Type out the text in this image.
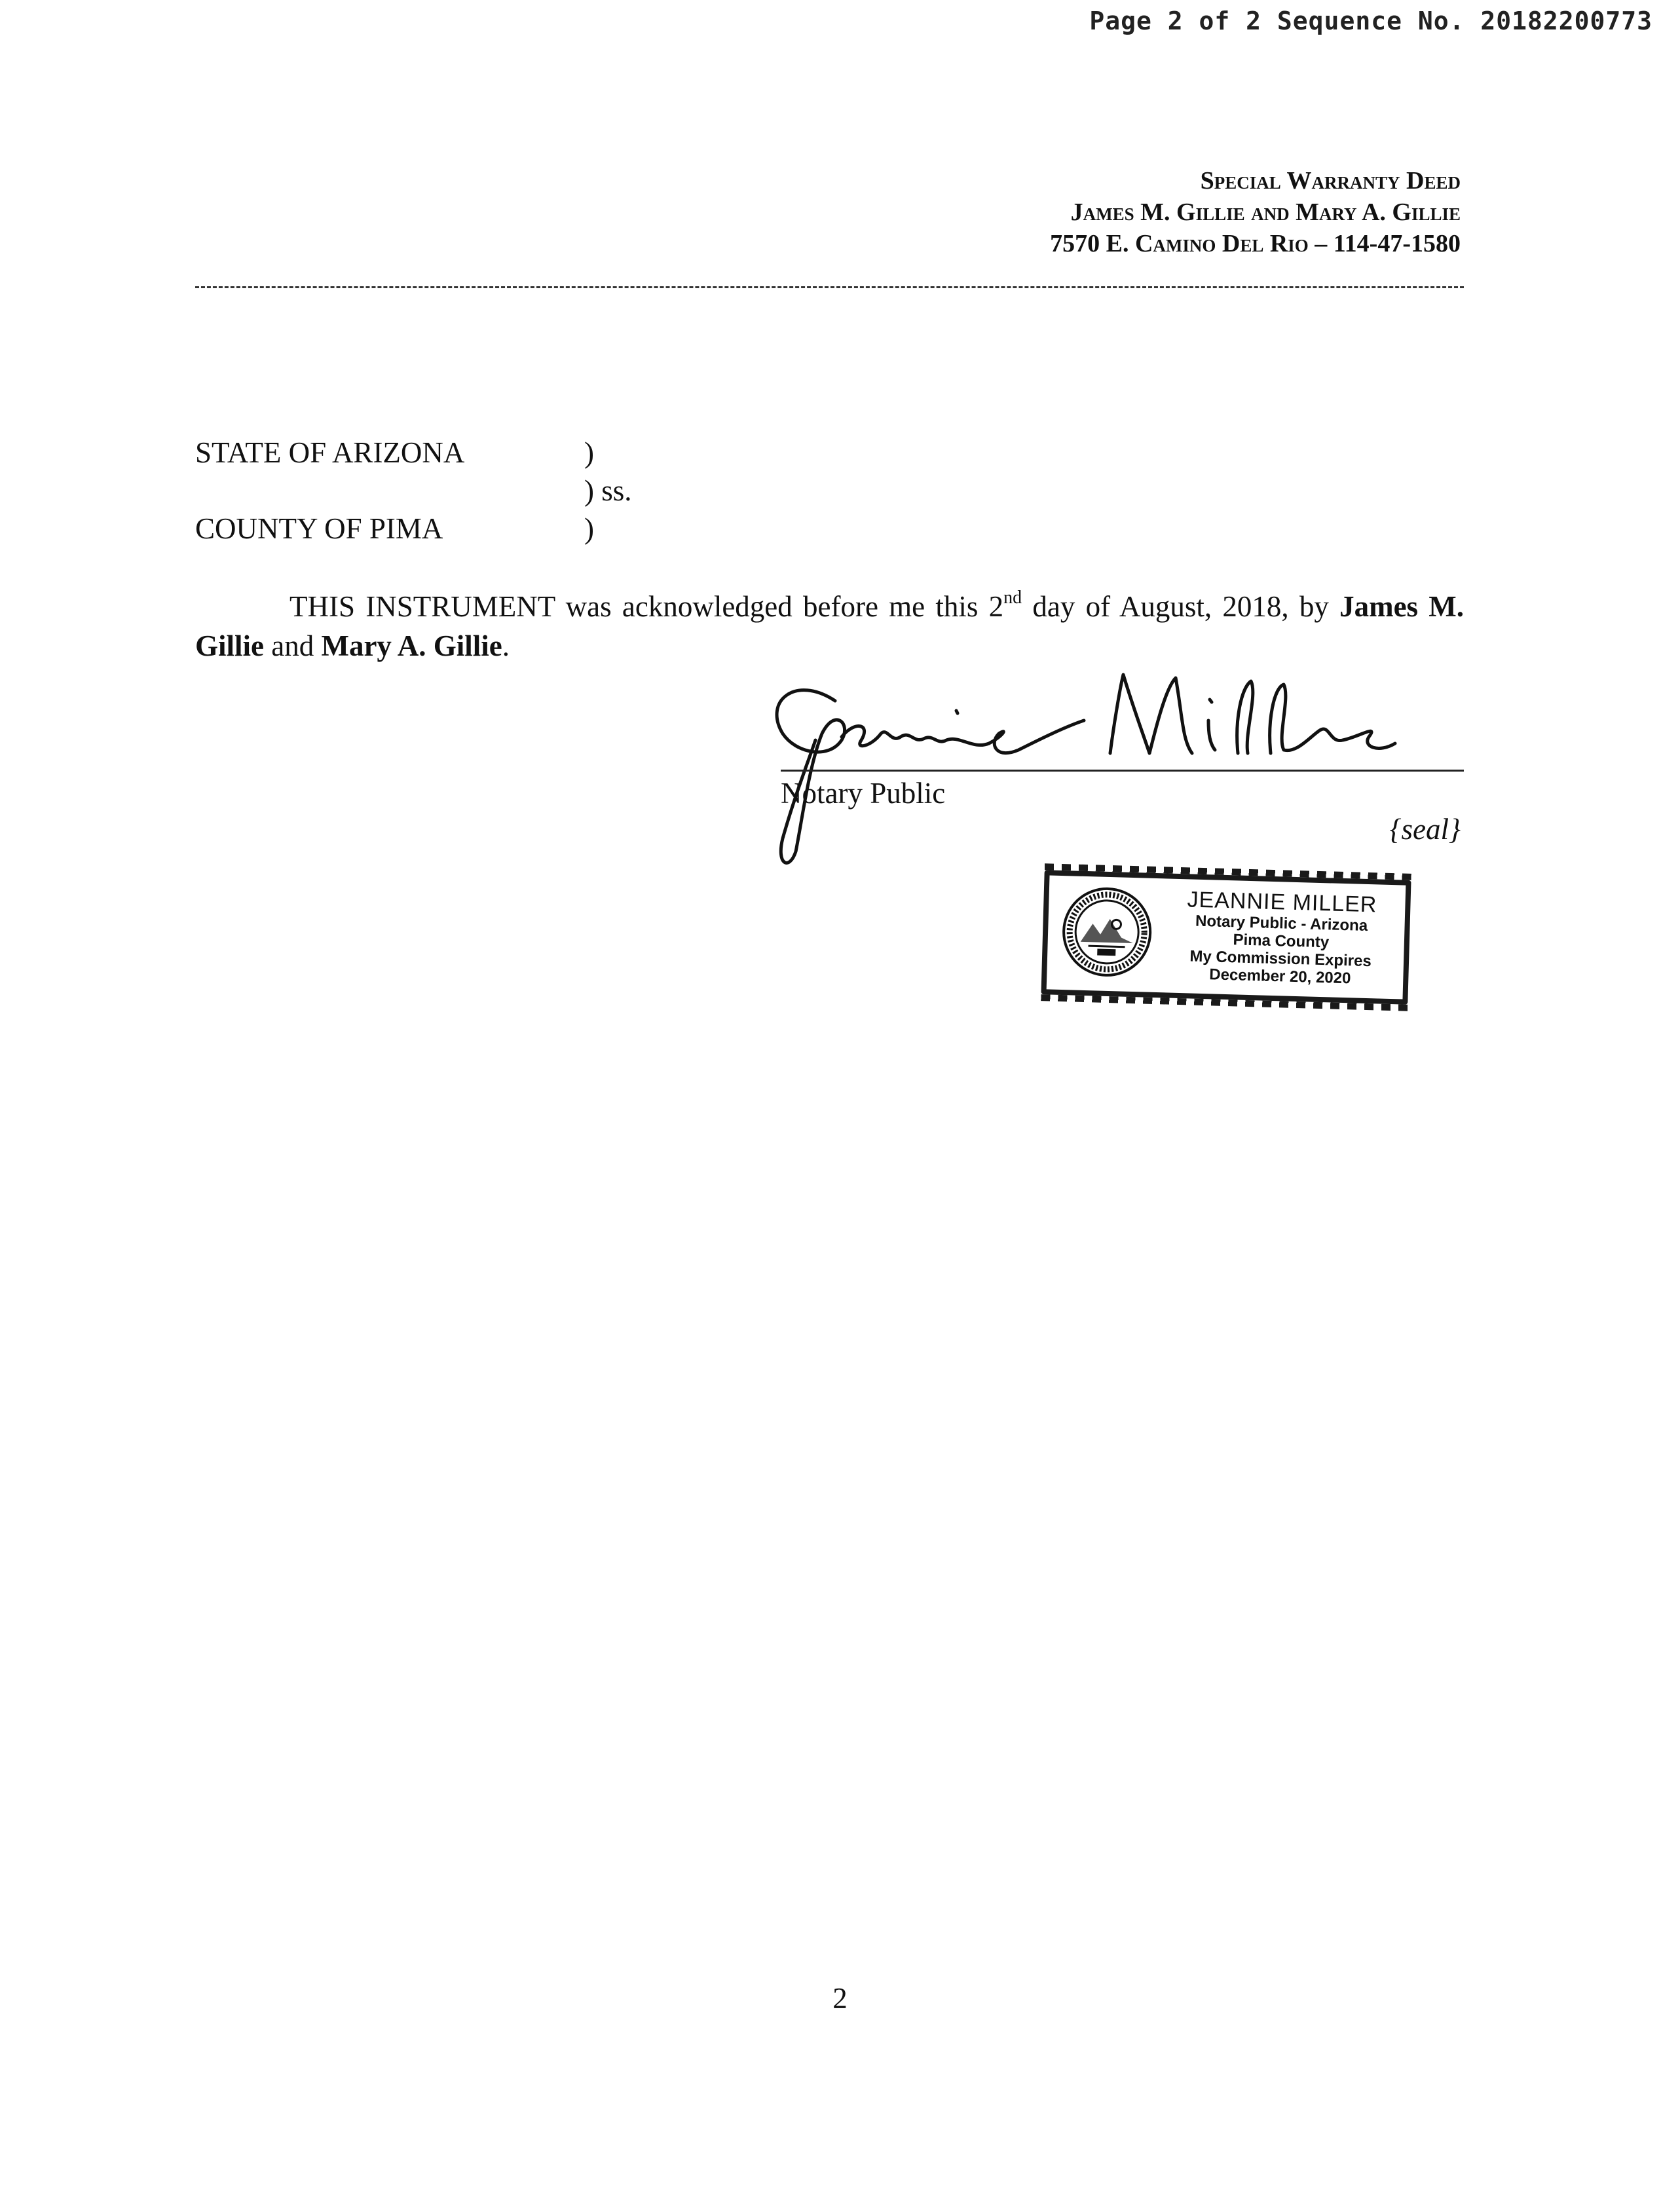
Page 2 of 2 Sequence No. 20182200773
Special Warranty Deed
James M. Gillie and Mary A. Gillie
7570 E. Camino Del Rio – 114-47-1580
STATE OF ARIZONA	)
) ss.
COUNTY OF PIMA	)
THIS INSTRUMENT was acknowledged before me this 2nd day of August, 2018, by James M. Gillie and Mary A. Gillie.
Notary Public
{seal}
JEANNIE MILLER
Notary Public - Arizona
Pima County
My Commission Expires
December 20, 2020
2
